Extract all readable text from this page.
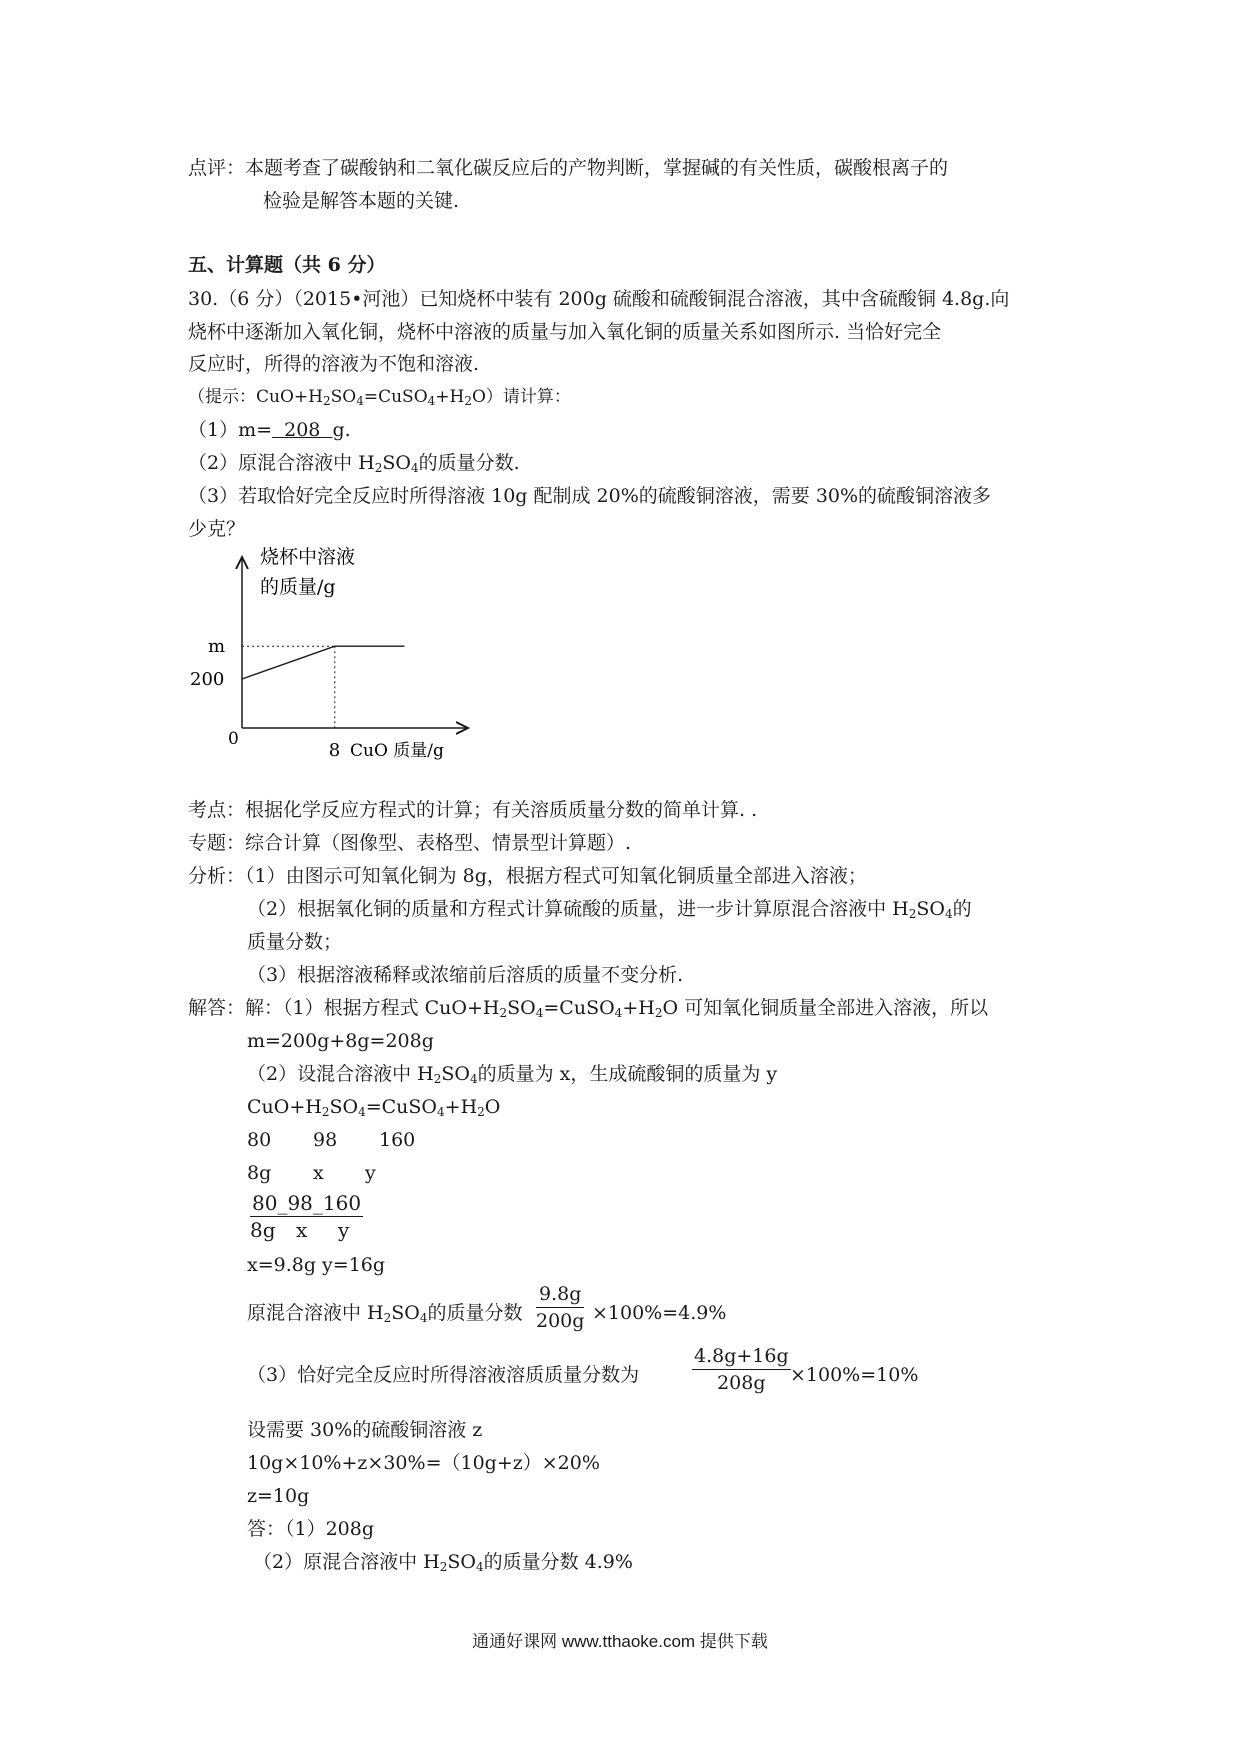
点评：本题考查了碳酸钠和二氧化碳反应后的产物判断，掌握碱的有关性质，碳酸根离子的
检验是解答本题的关键.
五、计算题（共 6 分）
30.（6 分）（2015•河池）已知烧杯中装有 200g 硫酸和硫酸铜混合溶液，其中含硫酸铜 4.8g.向
烧杯中逐渐加入氧化铜，烧杯中溶液的质量与加入氧化铜的质量关系如图所示. 当恰好完全
反应时，所得的溶液为不饱和溶液.
（提示：$CuO+H_2SO_4=CuSO_4+H_2O$）请计算：
（1）m=  208  g.
（2）原混合溶液中 $H_2SO_4$的质量分数.
（3）若取恰好完全反应时所得溶液 10g 配制成 20%的硫酸铜溶液，需要 30%的硫酸铜溶液多
少克？
烧杯中溶液
的质量/g
CuO 质量/g
m
200
8
0
考点：根据化学反应方程式的计算；有关溶质质量分数的简单计算. .
专题：综合计算（图像型、表格型、情景型计算题）.
分析：（1）由图示可知氧化铜为 8g，根据方程式可知氧化铜质量全部进入溶液；
（2）根据氧化铜的质量和方程式计算硫酸的质量，进一步计算原混合溶液中 $H_2SO_4$的
质量分数；
（3）根据溶液稀释或浓缩前后溶质的质量不变分析.
解答：解：（1）根据方程式 $CuO+H_2SO_4=CuSO_4+H_2O$ 可知氧化铜质量全部进入溶液，所以
m=200g+8g=208g
（2）设混合溶液中 $H_2SO_4$的质量为 x，生成硫酸铜的质量为 y
$CuO+H_2SO_4=CuSO_4+H_2O$
80 98 160
8g x y
80_98_160
8g x y
x=9.8g y=16g
原混合溶液中 $H_2SO_4$的质量分数 $\frac{9.8g}{200g} \times 100\%=4.9\%$
（3）恰好完全反应时所得溶液溶质质量分数为	$\frac{4.8g+16g}{208g} \times 100\%=10\%$
设需要 30%的硫酸铜溶液 z
10g×10%+z×30%=（10g+z）×20%
z=10g
答：（1）208g
（2）原混合溶液中 $H_2SO_4$的质量分数 4.9%
通通好课网 www.tthaoke.com 提供下载
